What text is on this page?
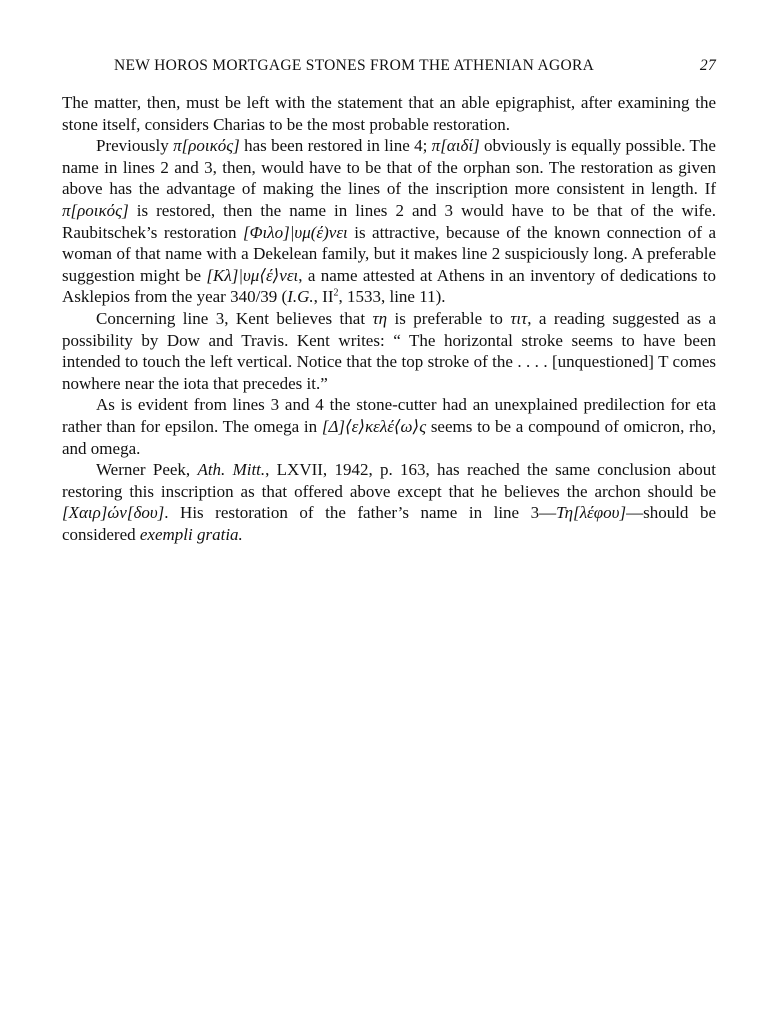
NEW HOROS MORTGAGE STONES FROM THE ATHENIAN AGORA	27

The matter, then, must be left with the statement that an able epigraphist, after examining the stone itself, considers Charias to be the most probable restoration.

Previously π[ροικός] has been restored in line 4; π[αιδί] obviously is equally possible. The name in lines 2 and 3, then, would have to be that of the orphan son. The restoration as given above has the advantage of making the lines of the inscription more consistent in length. If π[ροικός] is restored, then the name in lines 2 and 3 would have to be that of the wife. Raubitschek’s restoration [Φιλο]|υμ(έ)νει is attractive, because of the known connection of a woman of that name with a Dekelean family, but it makes line 2 suspiciously long. A preferable suggestion might be [Κλ]|υμ⟨έ⟩νει, a name attested at Athens in an inventory of dedications to Asklepios from the year 340/39 (I.G., $II^2$, 1533, line 11).

Concerning line 3, Kent believes that τη is preferable to τιτ, a reading suggested as a possibility by Dow and Travis. Kent writes: “ The horizontal stroke seems to have been intended to touch the left vertical. Notice that the top stroke of the . . . . [unquestioned] T comes nowhere near the iota that precedes it.”

As is evident from lines 3 and 4 the stone-cutter had an unexplained predilection for eta rather than for epsilon. The omega in [Δ]⟨ε⟩κελέ⟨ω⟩ς seems to be a compound of omicron, rho, and omega.

Werner Peek, Ath. Mitt., LXVII, 1942, p. 163, has reached the same conclusion about restoring this inscription as that offered above except that he believes the archon should be [Χαιρ]ών[δου]. His restoration of the father’s name in line 3—Τη[λέφου]—should be considered exempli gratia.
